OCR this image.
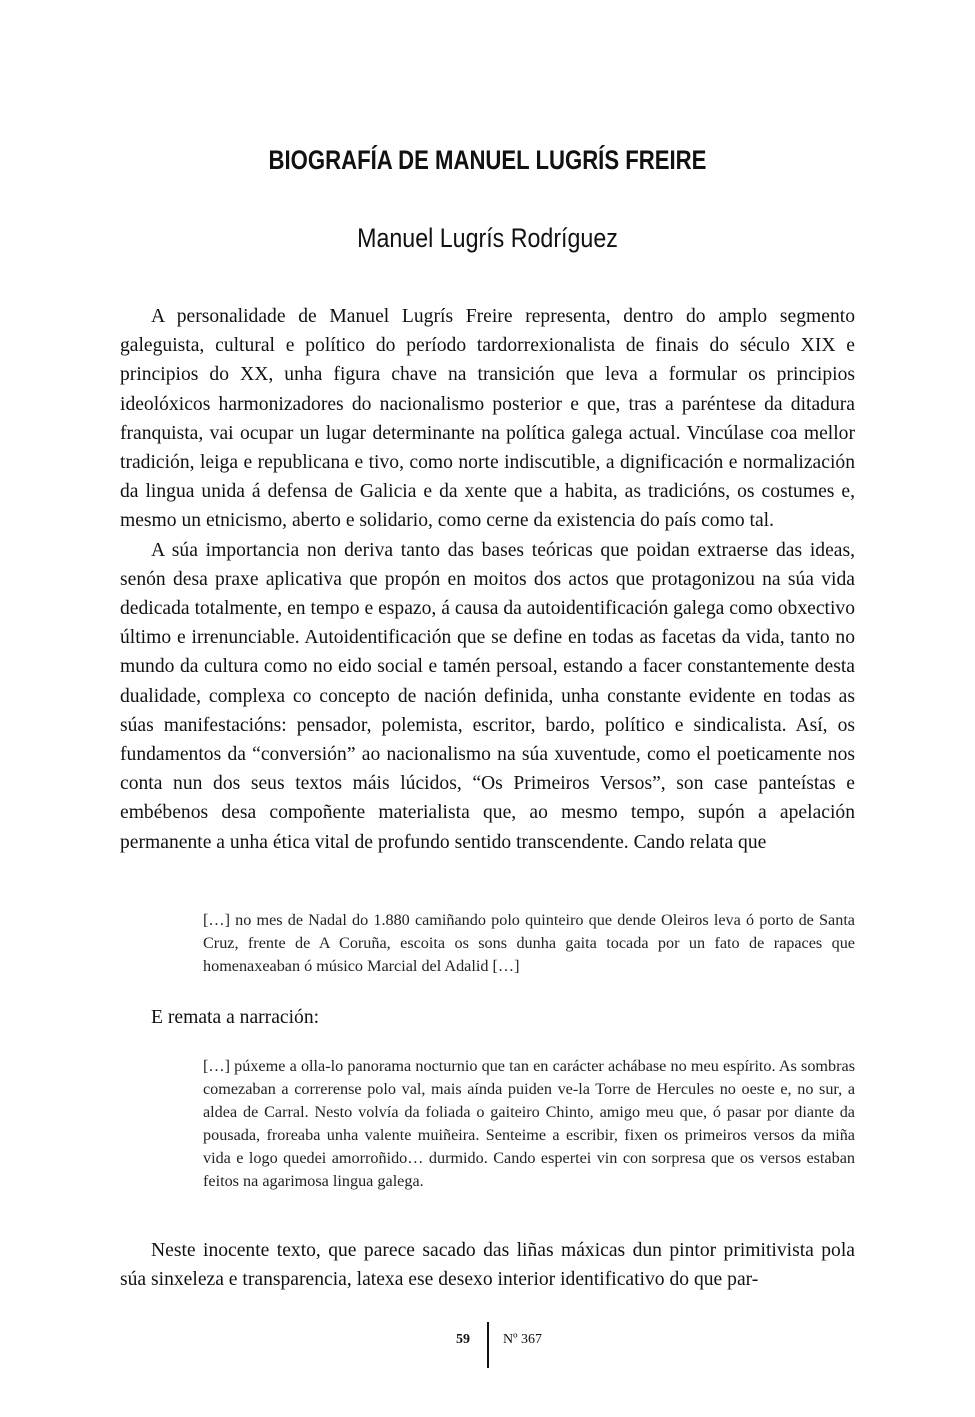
BIOGRAFÍA DE MANUEL LUGRÍS FREIRE
Manuel Lugrís Rodríguez

A personalidade de Manuel Lugrís Freire representa, dentro do amplo segmento galeguista, cultural e político do período tardorrexionalista de finais do século XIX e principios do XX, unha figura chave na transición que leva a formular os principios ideolóxicos harmonizadores do nacionalismo posterior e que, tras a paréntese da ditadura franquista, vai ocupar un lugar determinante na política galega actual. Vincúlase coa mellor tradición, leiga e republicana e tivo, como norte indiscutible, a dignificación e normalización da lingua unida á defensa de Galicia e da xente que a habita, as tradicións, os costumes e, mesmo un etnicismo, aberto e solidario, como cerne da existencia do país como tal.

A súa importancia non deriva tanto das bases teóricas que poidan extraerse das ideas, senón desa praxe aplicativa que propón en moitos dos actos que protagonizou na súa vida dedicada totalmente, en tempo e espazo, á causa da autoidentificación galega como obxectivo último e irrenunciable. Autoidentificación que se define en todas as facetas da vida, tanto no mundo da cultura como no eido social e tamén persoal, estando a facer constantemente desta dualidade, complexa co concepto de nación definida, unha constante evidente en todas as súas manifestacións: pensador, polemista, escritor, bardo, político e sindicalista. Así, os fundamentos da “conversión” ao nacionalismo na súa xuventude, como el poeticamente nos conta nun dos seus textos máis lúcidos, “Os Primeiros Versos”, son case panteístas e embébenos desa compoñente materialista que, ao mesmo tempo, supón a apelación permanente a unha ética vital de profundo sentido transcendente. Cando relata que

[…] no mes de Nadal do 1.880 camiñando polo quinteiro que dende Oleiros leva ó porto de Santa Cruz, frente de A Coruña, escoita os sons dunha gaita tocada por un fato de rapaces que homenaxeaban ó músico Marcial del Adalid […]

E remata a narración:

[…] púxeme a olla-lo panorama nocturnio que tan en carácter achábase no meu espírito. As sombras comezaban a correrense polo val, mais aínda puiden ve-la Torre de Hercules no oeste e, no sur, a aldea de Carral. Nesto volvía da foliada o gaiteiro Chinto, amigo meu que, ó pasar por diante da pousada, froreaba unha valente muiñeira. Senteime a escribir, fixen os primeiros versos da miña vida e logo quedei amorroñido… durmido. Cando espertei vin con sorpresa que os versos estaban feitos na agarimosa lingua galega.

Neste inocente texto, que parece sacado das liñas máxicas dun pintor primitivista pola súa sinxeleza e transparencia, latexa ese desexo interior identificativo do que par-

59 Nº 367
